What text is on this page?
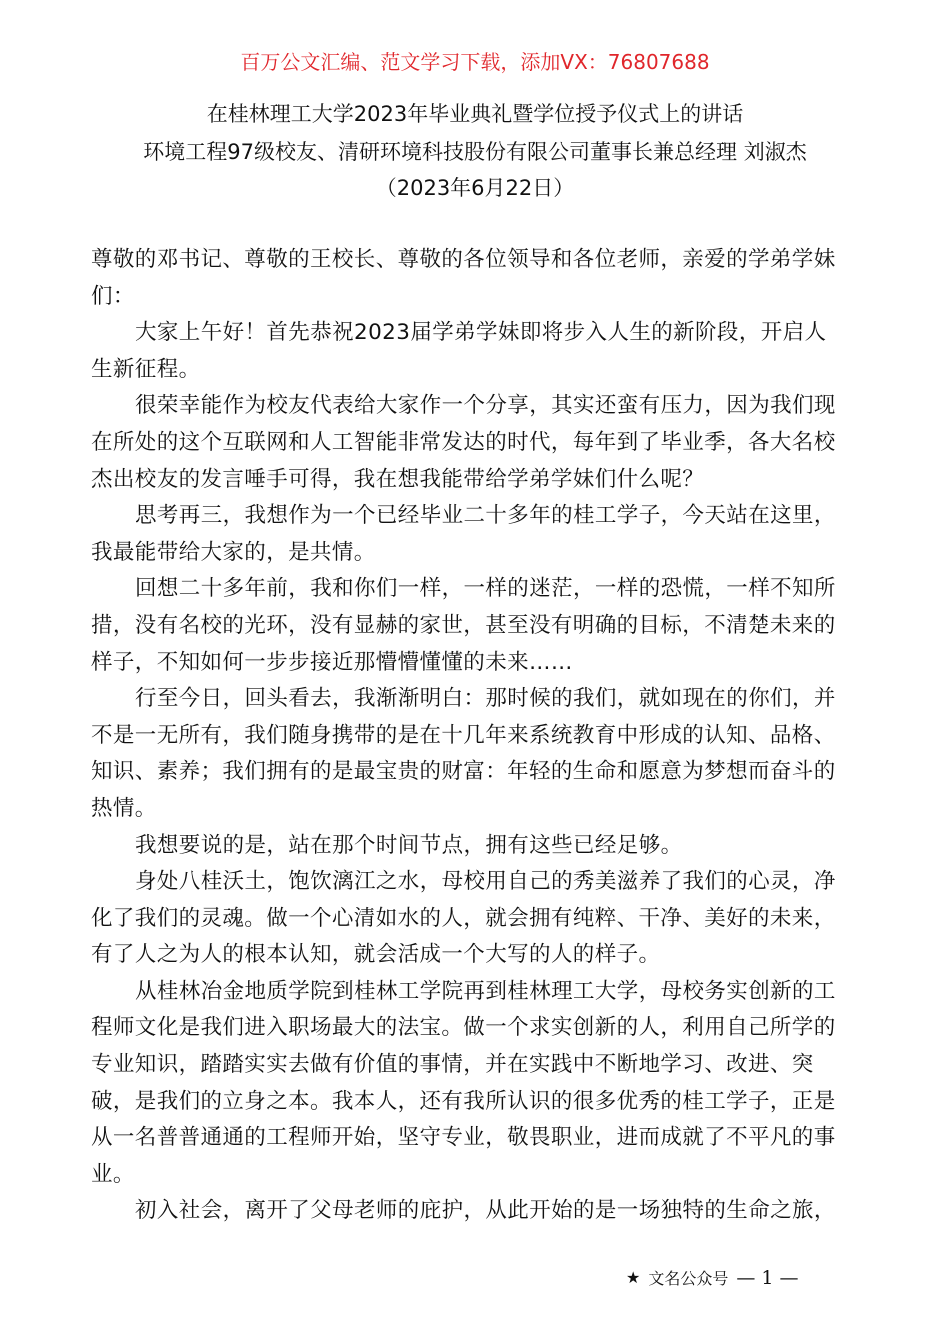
百万公文汇编、范文学习下载，添加VX：76807688
在桂林理工大学2023年毕业典礼暨学位授予仪式上的讲话
环境工程97级校友、清研环境科技股份有限公司董事长兼总经理 刘淑杰
（2023年6月22日）
尊敬的邓书记、尊敬的王校长、尊敬的各位领导和各位老师，亲爱的学弟学妹
们：
大家上午好！首先恭祝2023届学弟学妹即将步入人生的新阶段，开启人
生新征程。
很荣幸能作为校友代表给大家作一个分享，其实还蛮有压力，因为我们现
在所处的这个互联网和人工智能非常发达的时代，每年到了毕业季，各大名校
杰出校友的发言唾手可得，我在想我能带给学弟学妹们什么呢？
思考再三，我想作为一个已经毕业二十多年的桂工学子，今天站在这里，
我最能带给大家的，是共情。
回想二十多年前，我和你们一样，一样的迷茫，一样的恐慌，一样不知所
措，没有名校的光环，没有显赫的家世，甚至没有明确的目标，不清楚未来的
样子，不知如何一步步接近那懵懵懂懂的未来……
行至今日，回头看去，我渐渐明白：那时候的我们，就如现在的你们，并
不是一无所有，我们随身携带的是在十几年来系统教育中形成的认知、品格、
知识、素养；我们拥有的是最宝贵的财富：年轻的生命和愿意为梦想而奋斗的
热情。
我想要说的是，站在那个时间节点，拥有这些已经足够。
身处八桂沃土，饱饮漓江之水，母校用自己的秀美滋养了我们的心灵，净
化了我们的灵魂。做一个心清如水的人，就会拥有纯粹、干净、美好的未来，
有了人之为人的根本认知，就会活成一个大写的人的样子。
从桂林冶金地质学院到桂林工学院再到桂林理工大学，母校务实创新的工
程师文化是我们进入职场最大的法宝。做一个求实创新的人，利用自己所学的
专业知识，踏踏实实去做有价值的事情，并在实践中不断地学习、改进、突
破，是我们的立身之本。我本人，还有我所认识的很多优秀的桂工学子，正是
从一名普普通通的工程师开始，坚守专业，敬畏职业，进而成就了不平凡的事
业。
初入社会，离开了父母老师的庇护，从此开始的是一场独特的生命之旅，
★ 文名公众号 — 1 —
